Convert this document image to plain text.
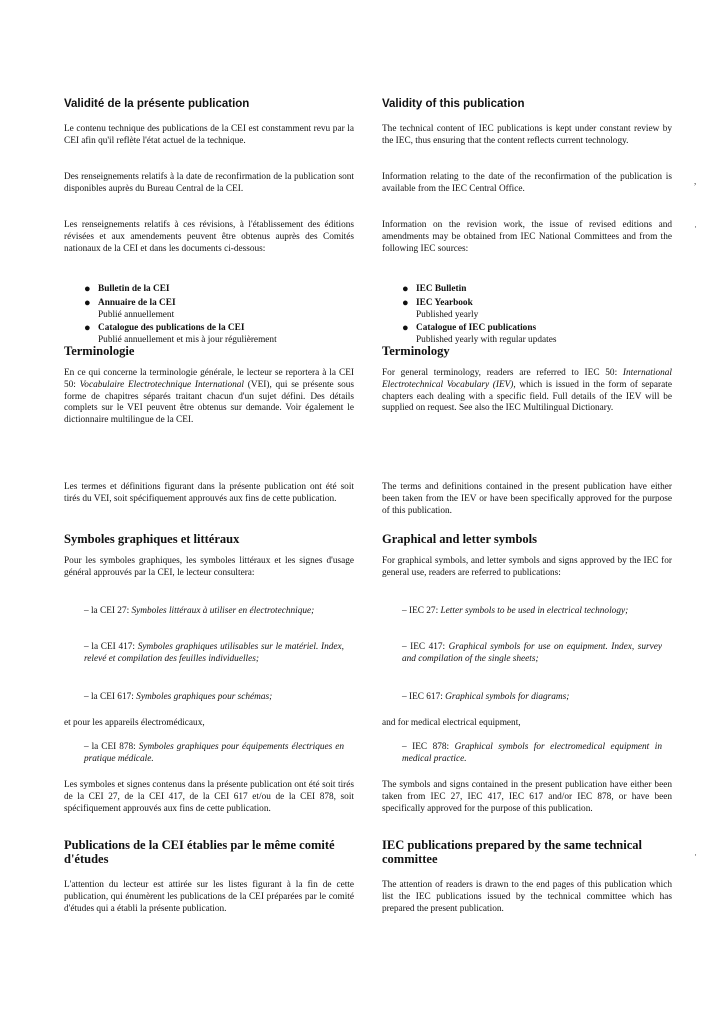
Validité de la présente publication

Le contenu technique des publications de la CEI est constamment revu par la CEI afin qu'il reflète l'état actuel de la technique.

Des renseignements relatifs à la date de reconfirmation de la publication sont disponibles auprès du Bureau Central de la CEI.

Les renseignements relatifs à ces révisions, à l'établissement des éditions révisées et aux amendements peuvent être obtenus auprès des Comités nationaux de la CEI et dans les documents ci-dessous:

● Bulletin de la CEI
● Annuaire de la CEI
Publié annuellement
● Catalogue des publications de la CEI
Publié annuellement et mis à jour régulièrement
Terminologie

En ce qui concerne la terminologie générale, le lecteur se reportera à la CEI 50: Vocabulaire Electrotechnique International (VEI), qui se présente sous forme de chapitres séparés traitant chacun d'un sujet défini. Des détails complets sur le VEI peuvent être obtenus sur demande. Voir également le dictionnaire multilingue de la CEI.

Les termes et définitions figurant dans la présente publication ont été soit tirés du VEI, soit spécifiquement approuvés aux fins de cette publication.

Symboles graphiques et littéraux

Pour les symboles graphiques, les symboles littéraux et les signes d'usage général approuvés par la CEI, le lecteur consultera:

– la CEI 27: Symboles littéraux à utiliser en électrotechnique;

– la CEI 417: Symboles graphiques utilisables sur le matériel. Index, relevé et compilation des feuilles individuelles;

– la CEI 617: Symboles graphiques pour schémas;

et pour les appareils électromédicaux,

– la CEI 878: Symboles graphiques pour équipements électriques en pratique médicale.

Les symboles et signes contenus dans la présente publication ont été soit tirés de la CEI 27, de la CEI 417, de la CEI 617 et/ou de la CEI 878, soit spécifiquement approuvés aux fins de cette publication.

Publications de la CEI établies par le même comité d'études

L'attention du lecteur est attirée sur les listes figurant à la fin de cette publication, qui énumèrent les publications de la CEI préparées par le comité d'études qui a établi la présente publication.

Validity of this publication

The technical content of IEC publications is kept under constant review by the IEC, thus ensuring that the content reflects current technology.

Information relating to the date of the reconfirmation of the publication is available from the IEC Central Office.

Information on the revision work, the issue of revised editions and amendments may be obtained from IEC National Committees and from the following IEC sources:

● IEC Bulletin
● IEC Yearbook
Published yearly
● Catalogue of IEC publications
Published yearly with regular updates
Terminology

For general terminology, readers are referred to IEC 50: International Electrotechnical Vocabulary (IEV), which is issued in the form of separate chapters each dealing with a specific field. Full details of the IEV will be supplied on request. See also the IEC Multilingual Dictionary.

The terms and definitions contained in the present publication have either been taken from the IEV or have been specifically approved for the purpose of this publication.

Graphical and letter symbols

For graphical symbols, and letter symbols and signs approved by the IEC for general use, readers are referred to publications:

– IEC 27: Letter symbols to be used in electrical technology;

– IEC 417: Graphical symbols for use on equipment. Index, survey and compilation of the single sheets;

– IEC 617: Graphical symbols for diagrams;

and for medical electrical equipment,

– IEC 878: Graphical symbols for electromedical equipment in medical practice.

The symbols and signs contained in the present publication have either been taken from IEC 27, IEC 417, IEC 617 and/or IEC 878, or have been specifically approved for the purpose of this publication.

IEC publications prepared by the same technical committee

The attention of readers is drawn to the end pages of this publication which list the IEC publications issued by the technical committee which has prepared the present publication.

,
·
·
